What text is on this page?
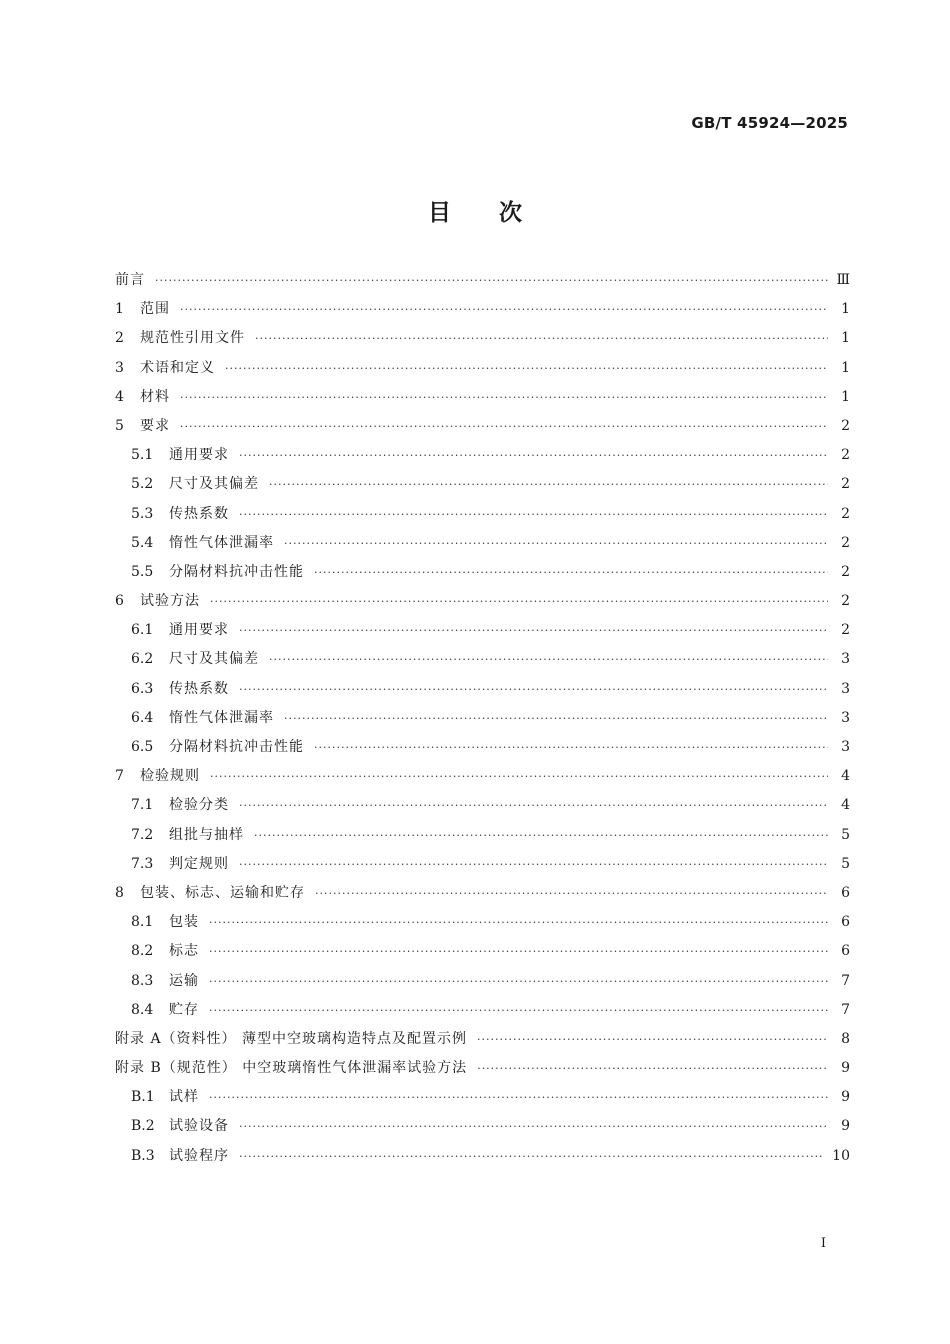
GB/T 45924—2025
目 次
前言 ·····	Ⅲ
1	范围 ·····	1
2	规范性引用文件 ·····	1
3	术语和定义 ·····	1
4	材料 ·····	1
5	要求 ·····	2
5.1	通用要求 ·····	2
5.2	尺寸及其偏差 ·····	2
5.3	传热系数 ·····	2
5.4	惰性气体泄漏率 ·····	2
5.5	分隔材料抗冲击性能 ·····	2
6	试验方法 ·····	2
6.1	通用要求 ·····	2
6.2	尺寸及其偏差 ·····	3
6.3	传热系数 ·····	3
6.4	惰性气体泄漏率 ·····	3
6.5	分隔材料抗冲击性能 ·····	3
7	检验规则 ·····	4
7.1	检验分类 ·····	4
7.2	组批与抽样 ·····	5
7.3	判定规则 ·····	5
8	包装、标志、运输和贮存 ·····	6
8.1	包装 ·····	6
8.2	标志 ·····	6
8.3	运输 ·····	7
8.4	贮存 ·····	7
附录 A（资料性） 薄型中空玻璃构造特点及配置示例 ·····	8
附录 B（规范性） 中空玻璃惰性气体泄漏率试验方法 ·····	9
B.1	试样 ·····	9
B.2	试验设备 ·····	9
B.3	试验程序 ·····	10
Ⅰ
